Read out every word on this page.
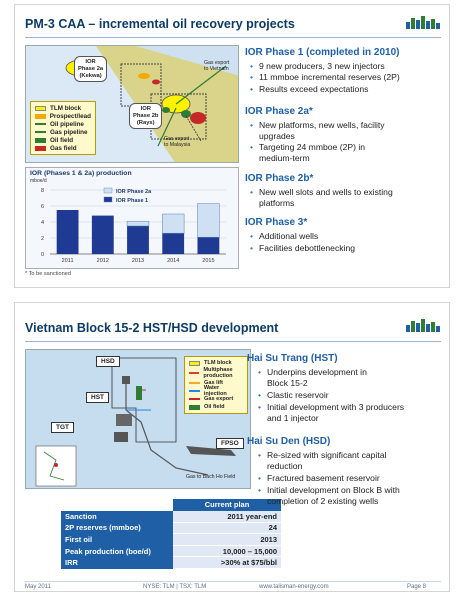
PM-3 CAA – incremental oil recovery projects
IOR
Phase 2a
(Kekwa)
IOR
Phase 2b
(Rays)
Gas export
to Vietnam
Gas export
to Malaysia
TLM block
Prospect/lead
Oil pipeline
Gas pipeline
Oil field
Gas field
IOR (Phases 1 & 2a) production
mboe/d
0
2
4
6
8
2011	2012	2013	2014	2015
IOR Phase 2a
IOR Phase 1
* To be sanctioned
IOR Phase 1 (completed in 2010)
• 9 new producers, 3 new injectors
• 11 mmboe incremental reserves (2P)
• Results exceed expectations
IOR Phase 2a*
• New platforms, new wells, facility upgrades
• Targeting 24 mmboe (2P) in medium-term
IOR Phase 2b*
• New well slots and wells to existing platforms
IOR Phase 3*
• Additional wells
• Facilities debottlenecking
Vietnam Block 15-2 HST/HSD development
HSD
HST
TGT
FPSO
Gas to Bach Ho Field
TLM block
Multiphase production
Gas lift
Water injection
Gas export
Oil field
	Current plan
Sanction	2011 year-end
2P reserves (mmboe)	24
First oil	2013
Peak production (boe/d)	10,000 – 15,000
IRR	>30% at $75/bbl
Hai Su Trang (HST)
• Underpins development in Block 15-2
• Clastic reservoir
• Initial development with 3 producers and 1 injector
Hai Su Den (HSD)
• Re-sized with significant capital reduction
• Fractured basement reservoir
• Initial development on Block B with completion of 2 existing wells
May 2011	NYSE: TLM | TSX: TLM	www.talisman-energy.com	Page 8
